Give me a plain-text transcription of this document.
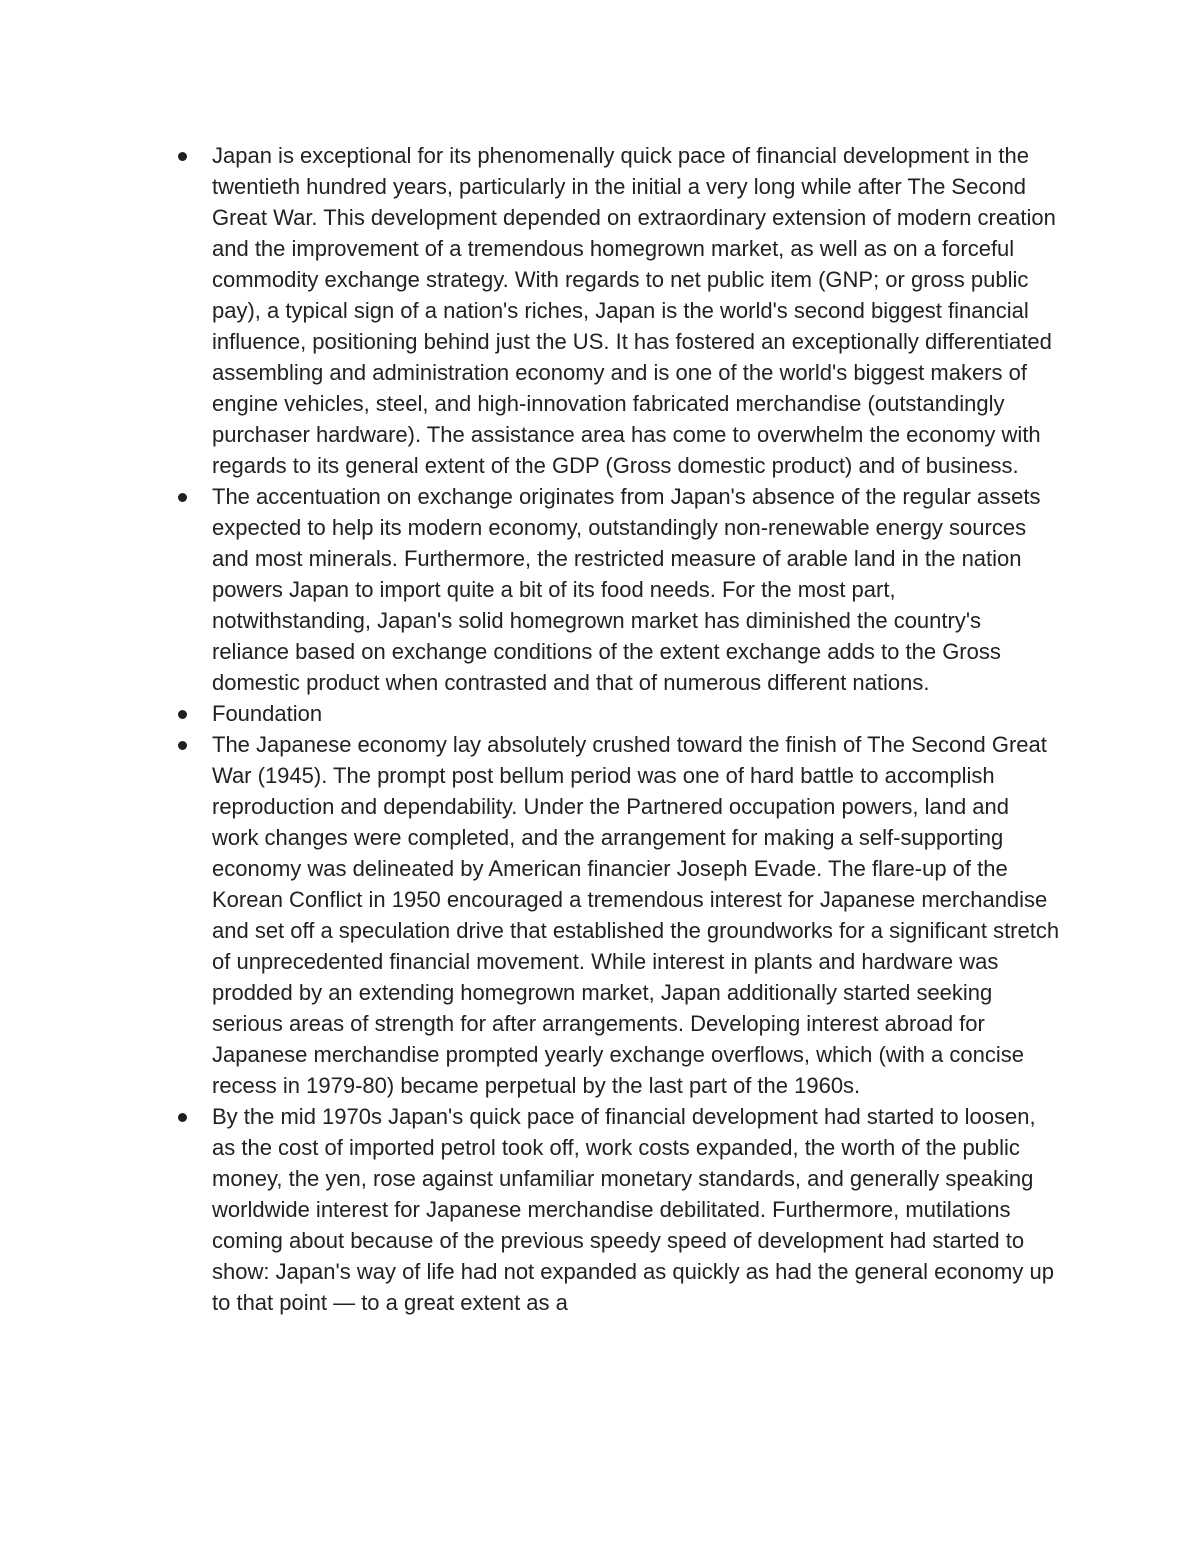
Japan is exceptional for its phenomenally quick pace of financial development in the twentieth hundred years, particularly in the initial a very long while after The Second Great War. This development depended on extraordinary extension of modern creation and the improvement of a tremendous homegrown market, as well as on a forceful commodity exchange strategy. With regards to net public item (GNP; or gross public pay), a typical sign of a nation's riches, Japan is the world's second biggest financial influence, positioning behind just the US. It has fostered an exceptionally differentiated assembling and administration economy and is one of the world's biggest makers of engine vehicles, steel, and high-innovation fabricated merchandise (outstandingly purchaser hardware). The assistance area has come to overwhelm the economy with regards to its general extent of the GDP (Gross domestic product) and of business.
The accentuation on exchange originates from Japan's absence of the regular assets expected to help its modern economy, outstandingly non-renewable energy sources and most minerals. Furthermore, the restricted measure of arable land in the nation powers Japan to import quite a bit of its food needs. For the most part, notwithstanding, Japan's solid homegrown market has diminished the country's reliance based on exchange conditions of the extent exchange adds to the Gross domestic product when contrasted and that of numerous different nations.
Foundation
The Japanese economy lay absolutely crushed toward the finish of The Second Great War (1945). The prompt post bellum period was one of hard battle to accomplish reproduction and dependability. Under the Partnered occupation powers, land and work changes were completed, and the arrangement for making a self-supporting economy was delineated by American financier Joseph Evade. The flare-up of the Korean Conflict in 1950 encouraged a tremendous interest for Japanese merchandise and set off a speculation drive that established the groundworks for a significant stretch of unprecedented financial movement. While interest in plants and hardware was prodded by an extending homegrown market, Japan additionally started seeking serious areas of strength for after arrangements. Developing interest abroad for Japanese merchandise prompted yearly exchange overflows, which (with a concise recess in 1979-80) became perpetual by the last part of the 1960s.
By the mid 1970s Japan's quick pace of financial development had started to loosen, as the cost of imported petrol took off, work costs expanded, the worth of the public money, the yen, rose against unfamiliar monetary standards, and generally speaking worldwide interest for Japanese merchandise debilitated. Furthermore, mutilations coming about because of the previous speedy speed of development had started to show: Japan's way of life had not expanded as quickly as had the general economy up to that point — to a great extent as a
